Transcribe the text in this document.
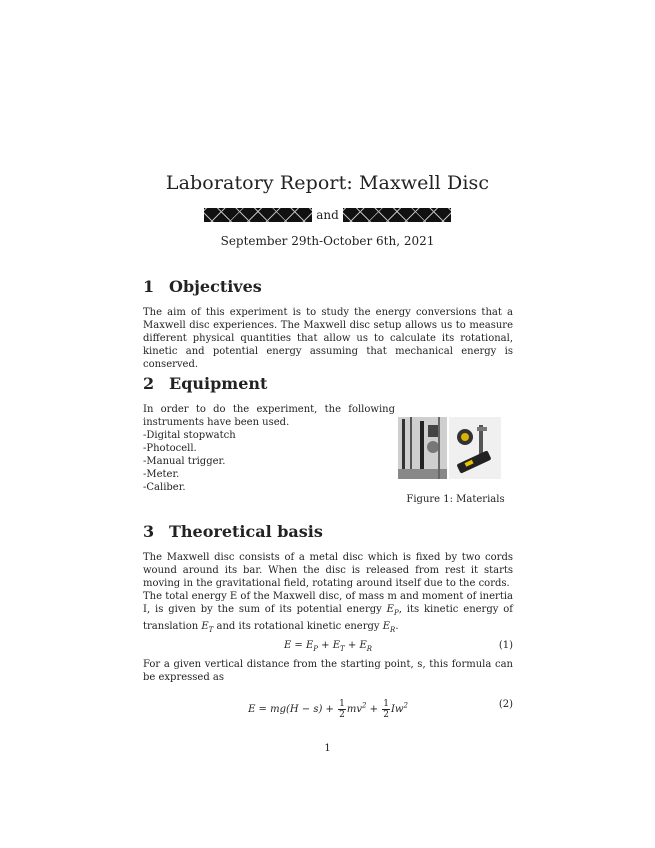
Laboratory Report: Maxwell Disc
and
September 29th-October 6th, 2021
1 Objectives
The aim of this experiment is to study the energy conversions that a Maxwell disc experiences. The Maxwell disc setup allows us to measure different physical quantities that allow us to calculate its rotational, kinetic and potential energy assuming that mechanical energy is conserved.
2 Equipment
In order to do the experiment, the following instruments have been used.
-Digital stopwatch
-Photocell.
-Manual trigger.
-Meter.
-Caliber.
Figure 1: Materials
3 Theoretical basis
The Maxwell disc consists of a metal disc which is fixed by two cords wound around its bar. When the disc is released from rest it starts moving in the gravitational field, rotating around itself due to the cords.
The total energy E of the Maxwell disc, of mass m and moment of inertia I, is given by the sum of its potential energy $E_P$, its kinetic energy of translation $E_T$ and its rotational kinetic energy $E_R$.
$E = E_P + E_T + E_R$	(1)
For a given vertical distance from the starting point, s, this formula can be expressed as
$E = mg(H - s) + \frac{1}{2} mv^2 + \frac{1}{2} Iw^2$	(2)
1
